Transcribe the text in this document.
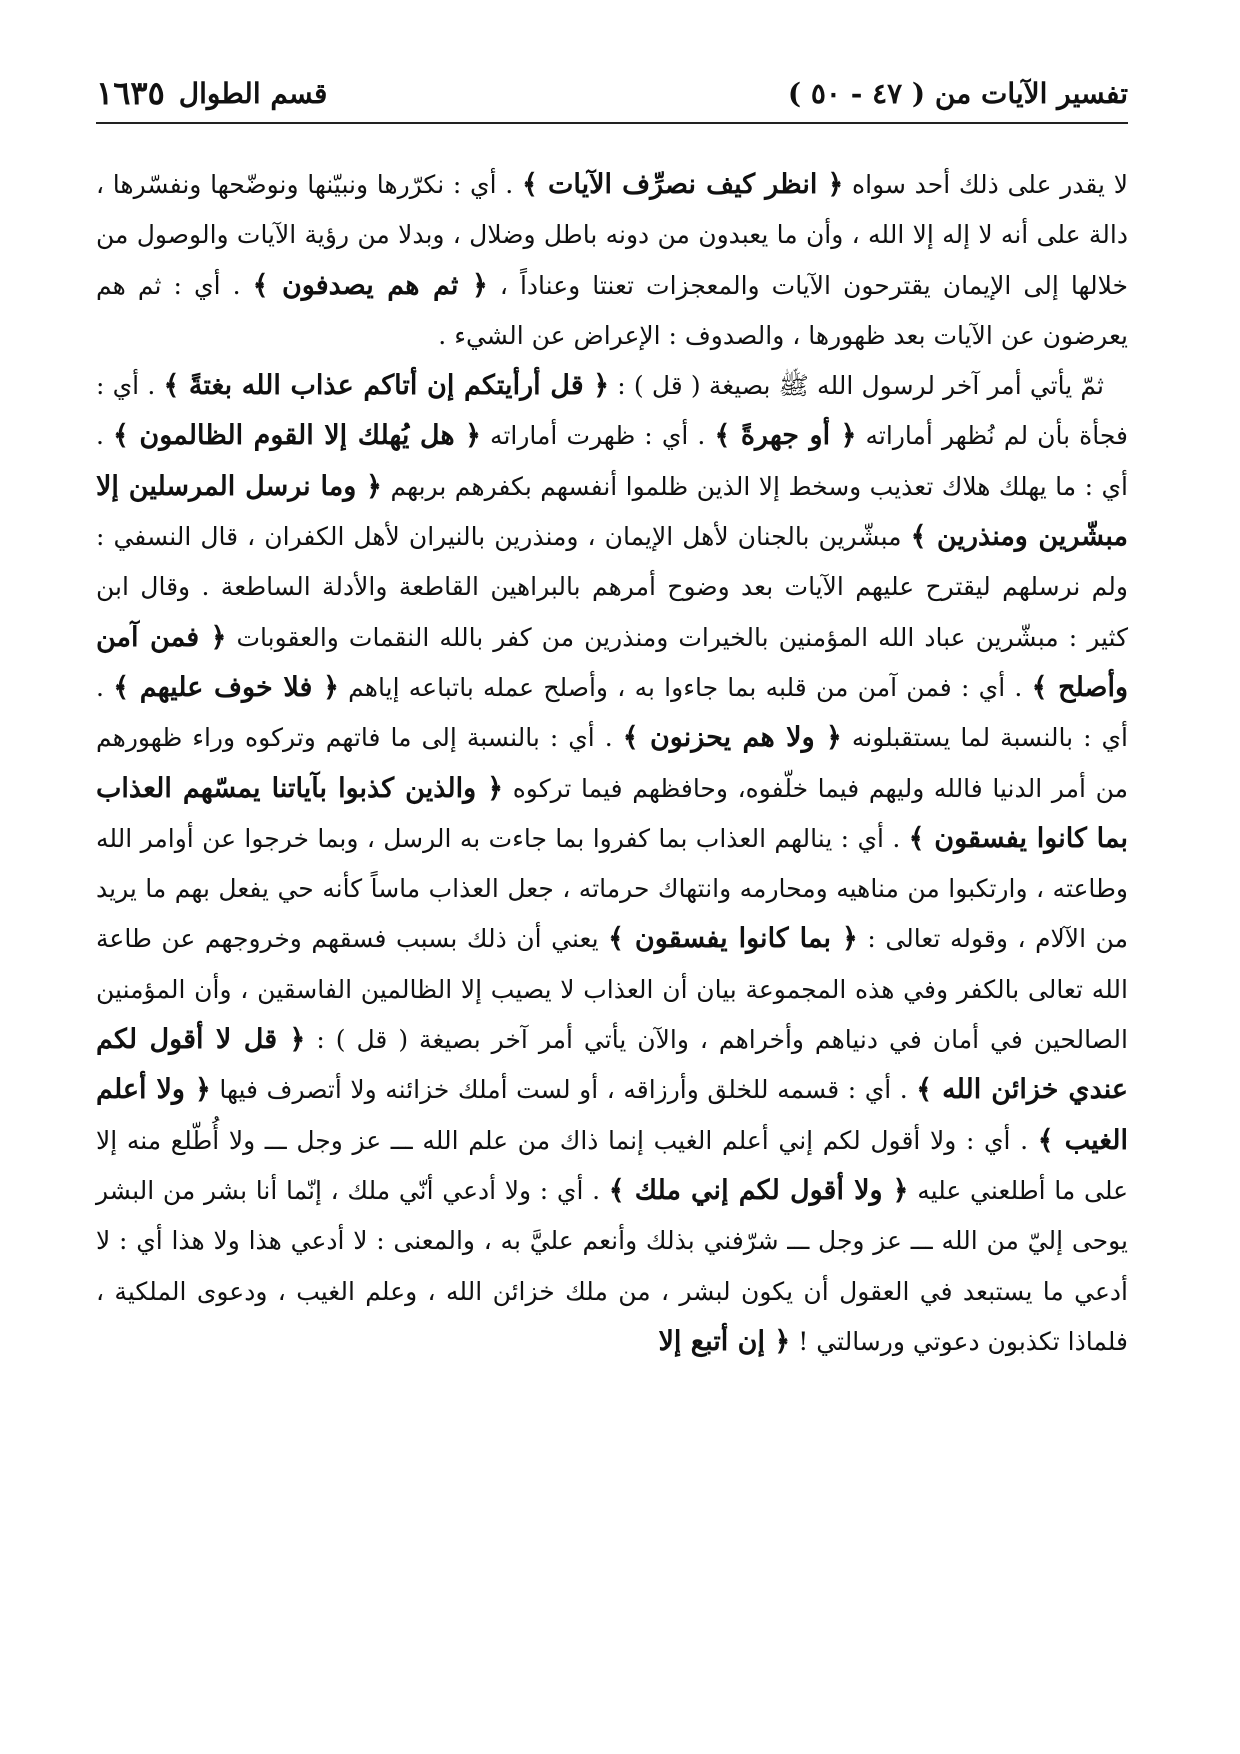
تفسير الآيات من ( ٤٧ - ٥٠ )
قسم الطوال
١٦٣٥

لا يقدر على ذلك أحد سواه ﴿ انظر كيف نصرِّف الآيات ﴾ . أي : نكرّرها ونبيّنها ونوضّحها ونفسّرها ، دالة على أنه لا إله إلا الله ، وأن ما يعبدون من دونه باطل وضلال ، وبدلا من رؤية الآيات والوصول من خلالها إلى الإيمان يقترحون الآيات والمعجزات تعنتا وعناداً ، ﴿ ثم هم يصدفون ﴾ . أي : ثم هم يعرضون عن الآيات بعد ظهورها ، والصدوف : الإعراض عن الشيء .

ثمّ يأتي أمر آخر لرسول الله ﷺ بصيغة ( قل ) : ﴿ قل أرأيتكم إن أتاكم عذاب الله بغتةً ﴾ . أي : فجأة بأن لم نُظهر أماراته ﴿ أو جهرةً ﴾ . أي : ظهرت أماراته ﴿ هل يُهلك إلا القوم الظالمون ﴾ . أي : ما يهلك هلاك تعذيب وسخط إلا الذين ظلموا أنفسهم بكفرهم بربهم ﴿ وما نرسل المرسلين إلا مبشّرين ومنذرين ﴾ مبشّرين بالجنان لأهل الإيمان ، ومنذرين بالنيران لأهل الكفران ، قال النسفي : ولم نرسلهم ليقترح عليهم الآيات بعد وضوح أمرهم بالبراهين القاطعة والأدلة الساطعة . وقال ابن كثير : مبشّرين عباد الله المؤمنين بالخيرات ومنذرين من كفر بالله النقمات والعقوبات ﴿ فمن آمن وأصلح ﴾ . أي : فمن آمن من قلبه بما جاءوا به ، وأصلح عمله باتباعه إياهم ﴿ فلا خوف عليهم ﴾ . أي : بالنسبة لما يستقبلونه ﴿ ولا هم يحزنون ﴾ . أي : بالنسبة إلى ما فاتهم وتركوه وراء ظهورهم من أمر الدنيا فالله وليهم فيما خلّفوه، وحافظهم فيما تركوه ﴿ والذين كذبوا بآياتنا يمسّهم العذاب بما كانوا يفسقون ﴾ . أي : ينالهم العذاب بما كفروا بما جاءت به الرسل ، وبما خرجوا عن أوامر الله وطاعته ، وارتكبوا من مناهيه ومحارمه وانتهاك حرماته ، جعل العذاب ماساً كأنه حي يفعل بهم ما يريد من الآلام ، وقوله تعالى : ﴿ بما كانوا يفسقون ﴾ يعني أن ذلك بسبب فسقهم وخروجهم عن طاعة الله تعالى بالكفر وفي هذه المجموعة بيان أن العذاب لا يصيب إلا الظالمين الفاسقين ، وأن المؤمنين الصالحين في أمان في دنياهم وأخراهم ، والآن يأتي أمر آخر بصيغة ( قل ) : ﴿ قل لا أقول لكم عندي خزائن الله ﴾ . أي : قسمه للخلق وأرزاقه ، أو لست أملك خزائنه ولا أتصرف فيها ﴿ ولا أعلم الغيب ﴾ . أي : ولا أقول لكم إني أعلم الغيب إنما ذاك من علم الله ـــ عز وجل ـــ ولا أُطّلع منه إلا على ما أطلعني عليه ﴿ ولا أقول لكم إني ملك ﴾ . أي : ولا أدعي أنّي ملك ، إنّما أنا بشر من البشر يوحى إليّ من الله ـــ عز وجل ـــ شرّفني بذلك وأنعم عليَّ به ، والمعنى : لا أدعي هذا ولا هذا أي : لا أدعي ما يستبعد في العقول أن يكون لبشر ، من ملك خزائن الله ، وعلم الغيب ، ودعوى الملكية ، فلماذا تكذبون دعوتي ورسالتي ! ﴿ إن أتبع إلا
